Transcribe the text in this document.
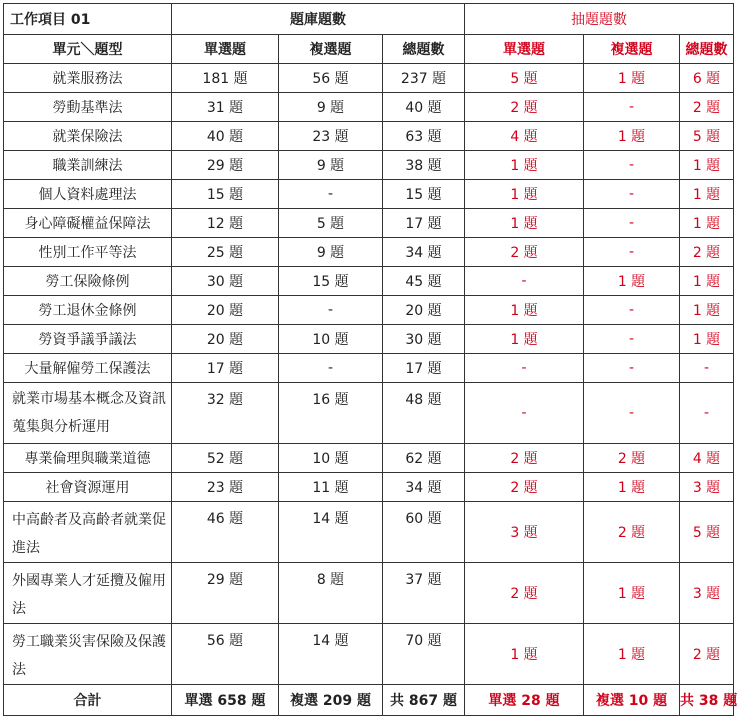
工作項目 01	題庫題數			抽題題數		
單元＼題型	單選題	複選題	總題數	單選題	複選題	總題數
就業服務法	181 題	56 題	237 題	5 題	1 題	6 題
勞動基準法	31 題	9 題	40 題	2 題	-	2 題
就業保險法	40 題	23 題	63 題	4 題	1 題	5 題
職業訓練法	29 題	9 題	38 題	1 題	-	1 題
個人資料處理法	15 題	-	15 題	1 題	-	1 題
身心障礙權益保障法	12 題	5 題	17 題	1 題	-	1 題
性別工作平等法	25 題	9 題	34 題	2 題	-	2 題
勞工保險條例	30 題	15 題	45 題	-	1 題	1 題
勞工退休金條例	20 題	-	20 題	1 題	-	1 題
勞資爭議爭議法	20 題	10 題	30 題	1 題	-	1 題
大量解僱勞工保護法	17 題	-	17 題	-	-	-
就業市場基本概念及資訊蒐集與分析運用	32 題	16 題	48 題	-	-	-
專業倫理與職業道德	52 題	10 題	62 題	2 題	2 題	4 題
社會資源運用	23 題	11 題	34 題	2 題	1 題	3 題
中高齡者及高齡者就業促進法	46 題	14 題	60 題	3 題	2 題	5 題
外國專業人才延攬及僱用法	29 題	8 題	37 題	2 題	1 題	3 題
勞工職業災害保險及保護法	56 題	14 題	70 題	1 題	1 題	2 題
合計	單選 658 題	複選 209 題	共 867 題	單選 28 題	複選 10 題	共 38 題
